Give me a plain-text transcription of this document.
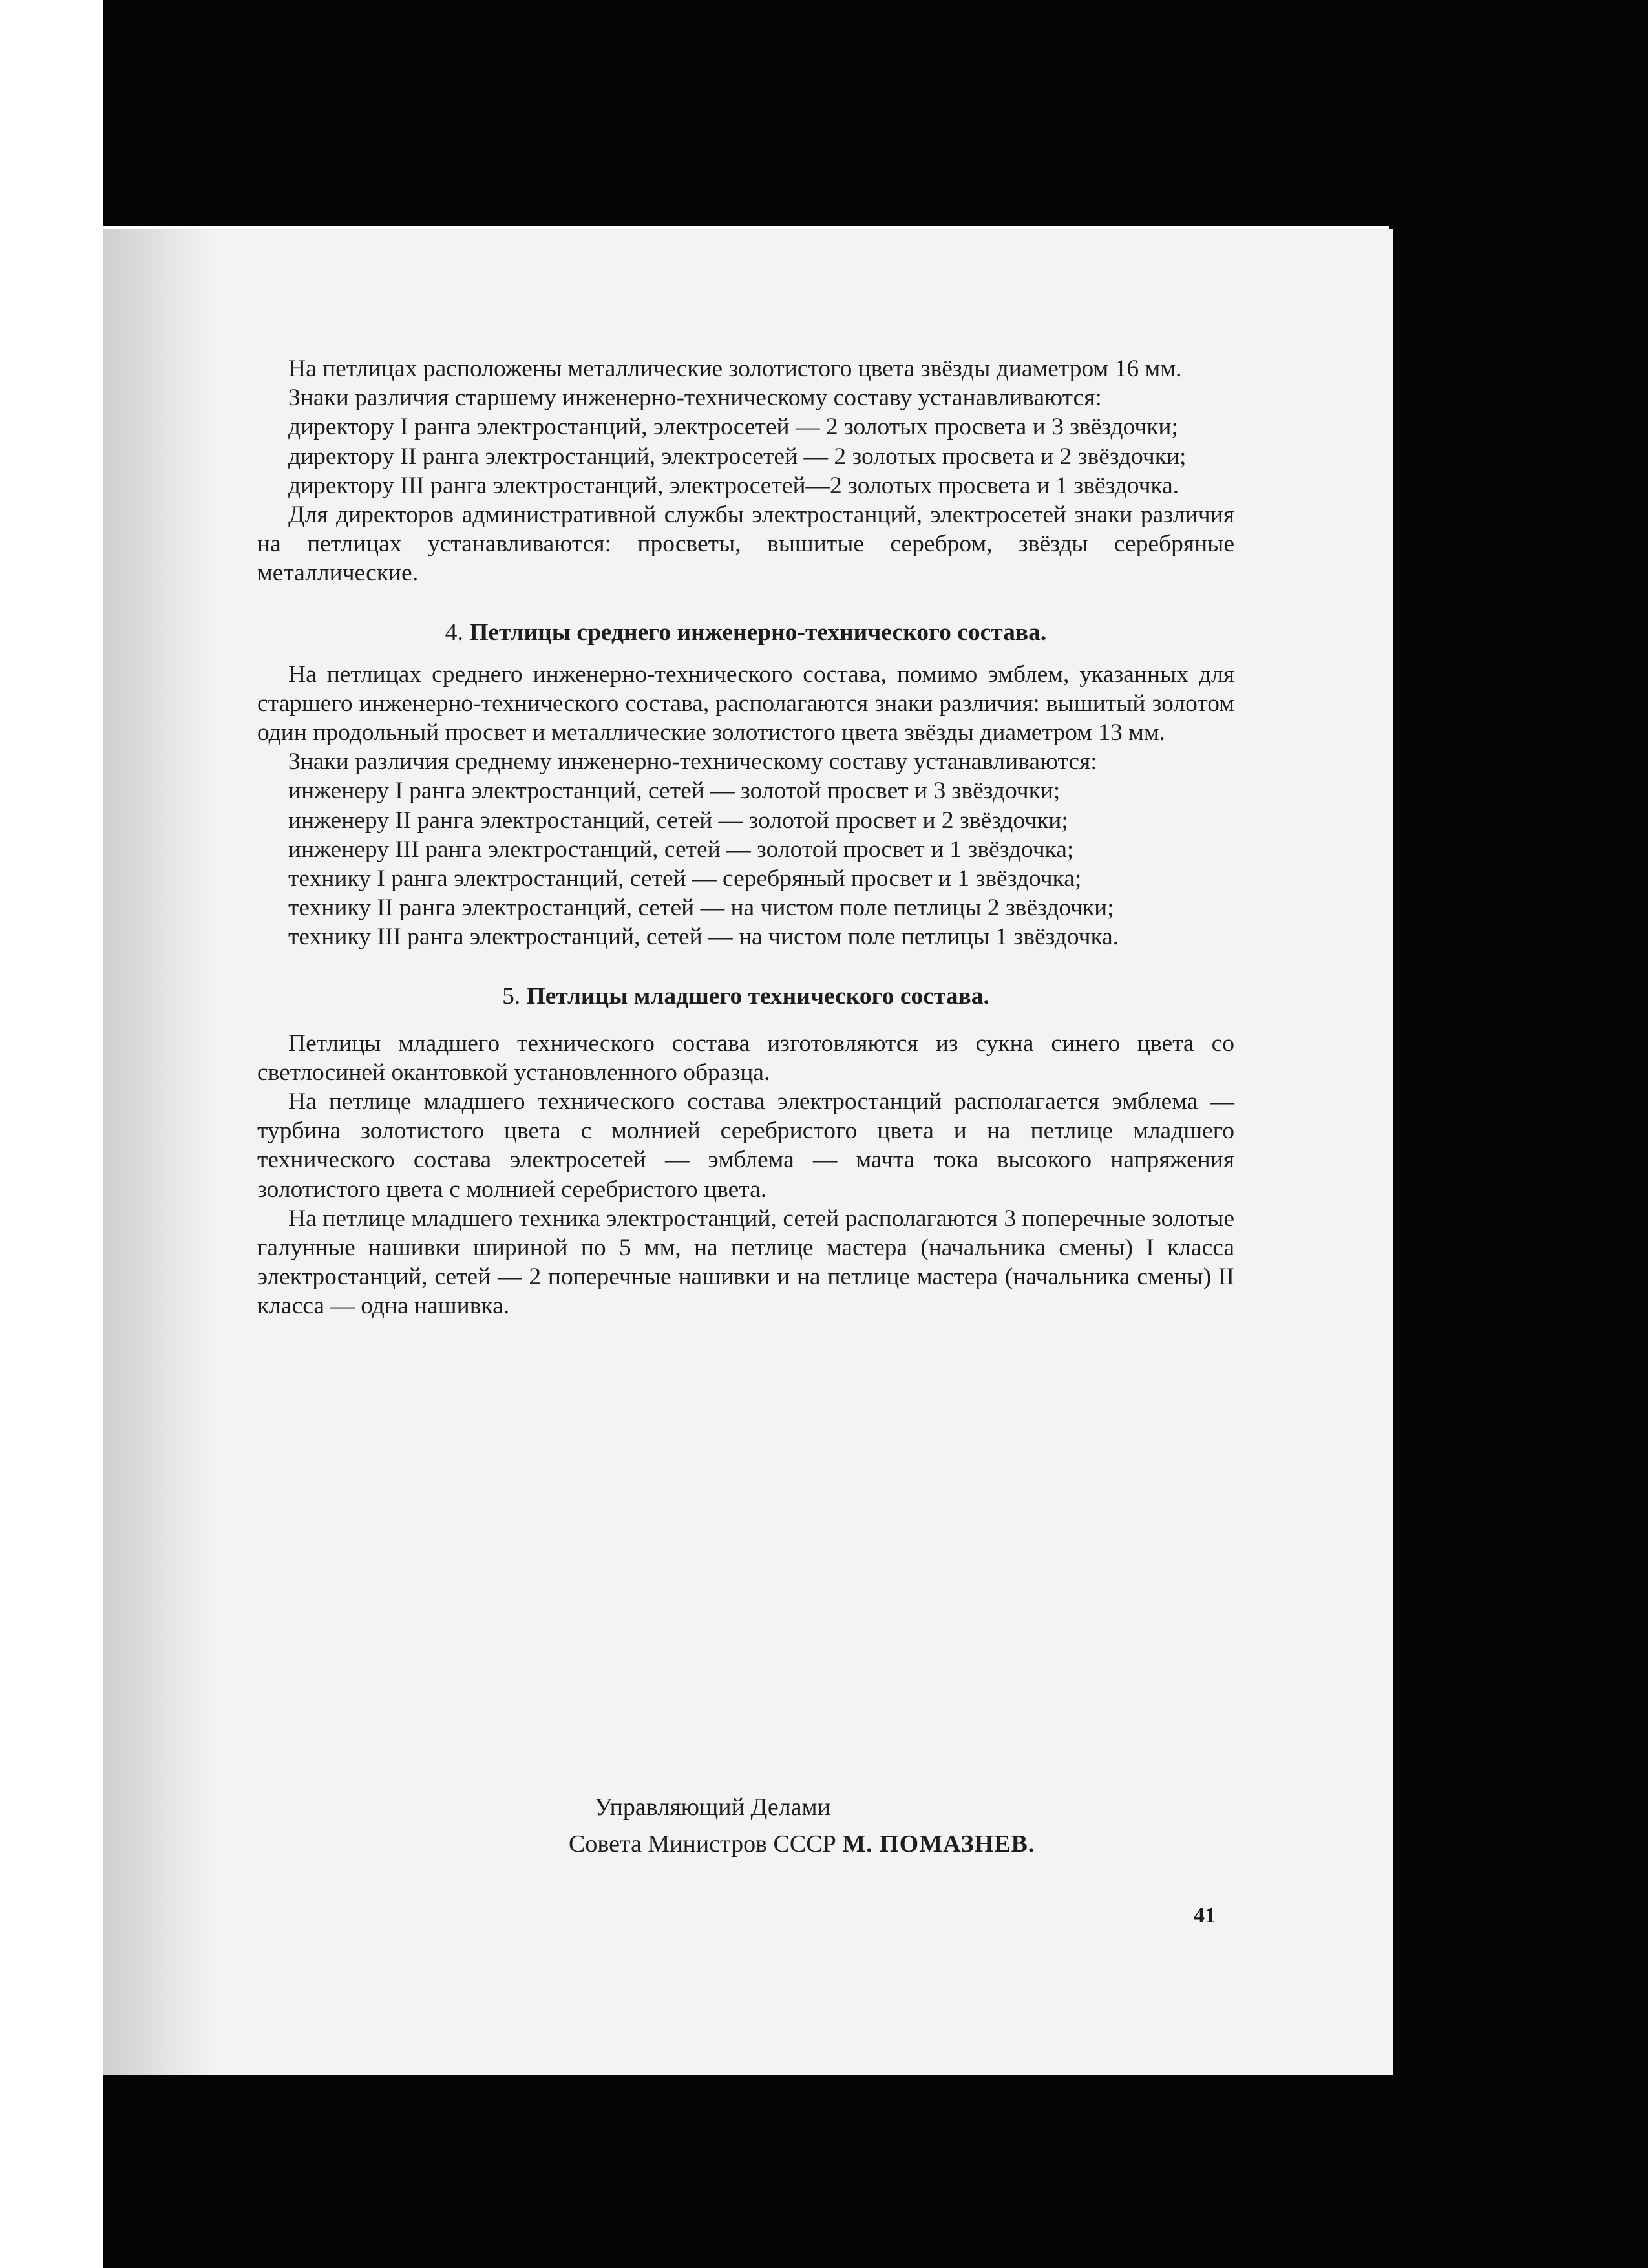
На петлицах расположены металлические золотистого цвета звёзды диаметром 16 мм.

Знаки различия старшему инженерно-техническому составу устанавливаются:

директору I ранга электростанций, электросетей — 2 золотых просвета и 3 звёздочки;

директору II ранга электростанций, электросетей — 2 золотых просвета и 2 звёздочки;

директору III ранга электростанций, электросетей—2 золотых просвета и 1 звёздочка.

Для директоров административной службы электростанций, электросетей знаки различия на петлицах устанавливаются: просветы, вышитые серебром, звёзды серебряные металлические.

4. Петлицы среднего инженерно-технического состава.

На петлицах среднего инженерно-технического состава, помимо эмблем, указанных для старшего инженерно-технического состава, располагаются знаки различия: вышитый золотом один продольный просвет и металлические золотистого цвета звёзды диаметром 13 мм.

Знаки различия среднему инженерно-техническому составу устанавливаются:

инженеру I ранга электростанций, сетей — золотой просвет и 3 звёздочки;

инженеру II ранга электростанций, сетей — золотой просвет и 2 звёздочки;

инженеру III ранга электростанций, сетей — золотой просвет и 1 звёздочка;

технику I ранга электростанций, сетей — серебряный просвет и 1 звёздочка;

технику II ранга электростанций, сетей — на чистом поле петлицы 2 звёздочки;

технику III ранга электростанций, сетей — на чистом поле петлицы 1 звёздочка.

5. Петлицы младшего технического состава.

Петлицы младшего технического состава изготовляются из сукна синего цвета со светлосиней окантовкой установленного образца.

На петлице младшего технического состава электростанций располагается эмблема — турбина золотистого цвета с молнией серебристого цвета и на петлице младшего технического состава электросетей — эмблема — мачта тока высокого напряжения золотистого цвета с молнией серебристого цвета.

На петлице младшего техника электростанций, сетей располагаются 3 поперечные золотые галунные нашивки шириной по 5 мм, на петлице мастера (начальника смены) I класса электростанций, сетей — 2 поперечные нашивки и на петлице мастера (начальника смены) II класса — одна нашивка.

Управляющий Делами
Совета Министров СССР М. ПОМАЗНЕВ.
41
